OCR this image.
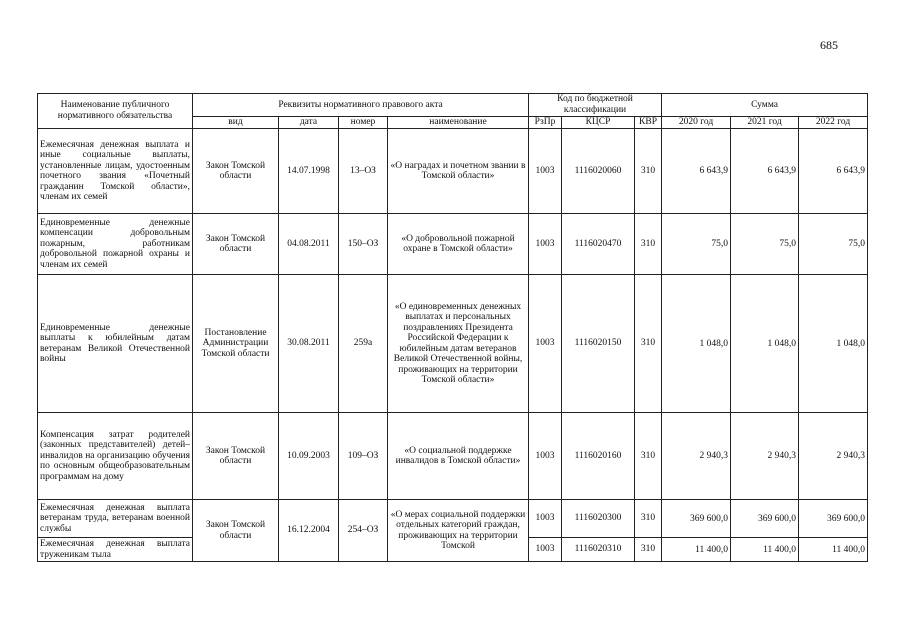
685
Наименование публичного нормативного обязательства	Реквизиты нормативного правового акта				Код по бюджетной классификации			Сумма		
	вид	дата	номер	наименование	РзПр	КЦСР	КВР	2020 год	2021 год	2022 год
Ежемесячная денежная выплата и иные социальные выплаты, установленные лицам, удостоенным почетного звания «Почетный гражданин Томской области», членам их семей	Закон Томской области	14.07.1998	13–ОЗ	«О наградах и почетном звании в Томской области»	1003	1116020060	310	6 643,9	6 643,9	6 643,9
Единовременные денежные компенсации добровольным пожарным, работникам добровольной пожарной охраны и членам их семей	Закон Томской области	04.08.2011	150–ОЗ	«О добровольной пожарной охране в Томской области»	1003	1116020470	310	75,0	75,0	75,0
Единовременные денежные выплаты к юбилейным датам ветеранам Великой Отечественной войны	Постановление Администрации Томской области	30.08.2011	259а	«О единовременных денежных выплатах и персональных поздравлениях Президента Российской Федерации к юбилейным датам ветеранов Великой Отечественной войны, проживающих на территории Томской области»	1003	1116020150	310	1 048,0	1 048,0	1 048,0
Компенсация затрат родителей (законных представителей) детей–инвалидов на организацию обучения по основным общеобразовательным программам на дому	Закон Томской области	10.09.2003	109–ОЗ	«О социальной поддержке инвалидов в Томской области»	1003	1116020160	310	2 940,3	2 940,3	2 940,3
Ежемесячная денежная выплата ветеранам труда, ветеранам военной службы	Закон Томской области	16.12.2004	254–ОЗ	«О мерах социальной поддержки отдельных категорий граждан, проживающих на территории Томской	1003	1116020300	310	369 600,0	369 600,0	369 600,0
Ежемесячная денежная выплата труженикам тыла					1003	1116020310	310	11 400,0	11 400,0	11 400,0
